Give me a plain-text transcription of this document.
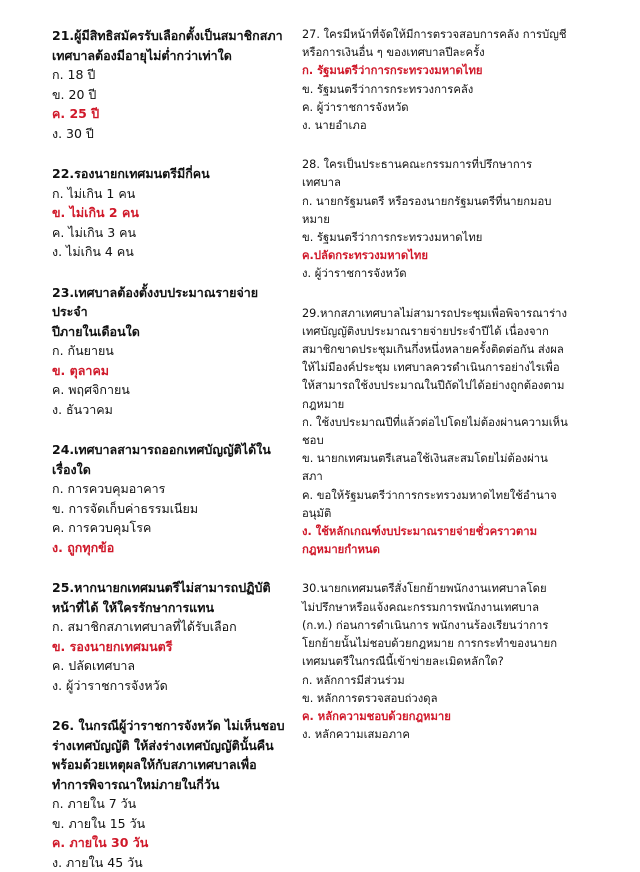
21.ผู้มีสิทธิสมัครรับเลือกตั้งเป็นสมาชิกสภา

เทศบาลต้องมีอายุไม่ต่ำกว่าเท่าใด

ก. 18 ปี

ข. 20 ปี

ค. 25 ปี

ง. 30 ปี

22.รองนายกเทศมนตรีมีกี่คน

ก. ไม่เกิน 1 คน

ข. ไม่เกิน 2 คน

ค. ไม่เกิน 3 คน

ง. ไม่เกิน 4 คน

23.เทศบาลต้องตั้งงบประมาณรายจ่ายประจำ

ปีภายในเดือนใด

ก. กันยายน

ข. ตุลาคม

ค. พฤศจิกายน

ง. ธันวาคม

24.เทศบาลสามารถออกเทศบัญญัติได้ใน

เรื่องใด

ก. การควบคุมอาคาร

ข. การจัดเก็บค่าธรรมเนียม

ค. การควบคุมโรค

ง. ถูกทุกข้อ

25.หากนายกเทศมนตรีไม่สามารถปฏิบัติ

หน้าที่ได้ ให้ใครรักษาการแทน

ก. สมาชิกสภาเทศบาลที่ได้รับเลือก

ข. รองนายกเทศมนตรี

ค. ปลัดเทศบาล

ง. ผู้ว่าราชการจังหวัด

26. ในกรณีผู้ว่าราชการจังหวัด ไม่เห็นชอบ

ร่างเทศบัญญัติ ให้ส่งร่างเทศบัญญัตินั้นคืน

พร้อมด้วยเหตุผลให้กับสภาเทศบาลเพื่อ

ทำการพิจารณาใหม่ภายในกี่วัน

ก. ภายใน 7 วัน

ข. ภายใน 15 วัน

ค. ภายใน 30 วัน

ง. ภายใน 45 วัน

27. ใครมีหน้าที่จัดให้มีการตรวจสอบการคลัง การบัญชี

หรือการเงินอื่น ๆ ของเทศบาลปีละครั้ง

ก. รัฐมนตรีว่าการกระทรวงมหาดไทย

ข. รัฐมนตรีว่าการกระทรวงการคลัง

ค. ผู้ว่าราชการจังหวัด

ง. นายอำเภอ

28. ใครเป็นประธานคณะกรรมการที่ปรึกษาการ

เทศบาล

ก. นายกรัฐมนตรี หรือรองนายกรัฐมนตรีที่นายกมอบ

หมาย

ข. รัฐมนตรีว่าการกระทรวงมหาดไทย

ค.ปลัดกระทรวงมหาดไทย

ง. ผู้ว่าราชการจังหวัด

29.หากสภาเทศบาลไม่สามารถประชุมเพื่อพิจารณาร่าง

เทศบัญญัติงบประมาณรายจ่ายประจำปีได้ เนื่องจาก

สมาชิกขาดประชุมเกินกึ่งหนึ่งหลายครั้งติดต่อกัน ส่งผล

ให้ไม่มีองค์ประชุม เทศบาลควรดำเนินการอย่างไรเพื่อ

ให้สามารถใช้งบประมาณในปีถัดไปได้อย่างถูกต้องตาม

กฎหมาย

ก. ใช้งบประมาณปีที่แล้วต่อไปโดยไม่ต้องผ่านความเห็น

ชอบ

ข. นายกเทศมนตรีเสนอใช้เงินสะสมโดยไม่ต้องผ่าน

สภา

ค. ขอให้รัฐมนตรีว่าการกระทรวงมหาดไทยใช้อำนาจ

อนุมัติ

ง. ใช้หลักเกณฑ์งบประมาณรายจ่ายชั่วคราวตาม

กฎหมายกำหนด

30.นายกเทศมนตรีสั่งโยกย้ายพนักงานเทศบาลโดย

ไม่ปรึกษาหรือแจ้งคณะกรรมการพนักงานเทศบาล

(ก.ท.) ก่อนการดำเนินการ พนักงานร้องเรียนว่าการ

โยกย้ายนั้นไม่ชอบด้วยกฎหมาย การกระทำของนายก

เทศมนตรีในกรณีนี้เข้าข่ายละเมิดหลักใด?

ก. หลักการมีส่วนร่วม

ข. หลักการตรวจสอบถ่วงดุล

ค. หลักความชอบด้วยกฎหมาย

ง. หลักความเสมอภาค
